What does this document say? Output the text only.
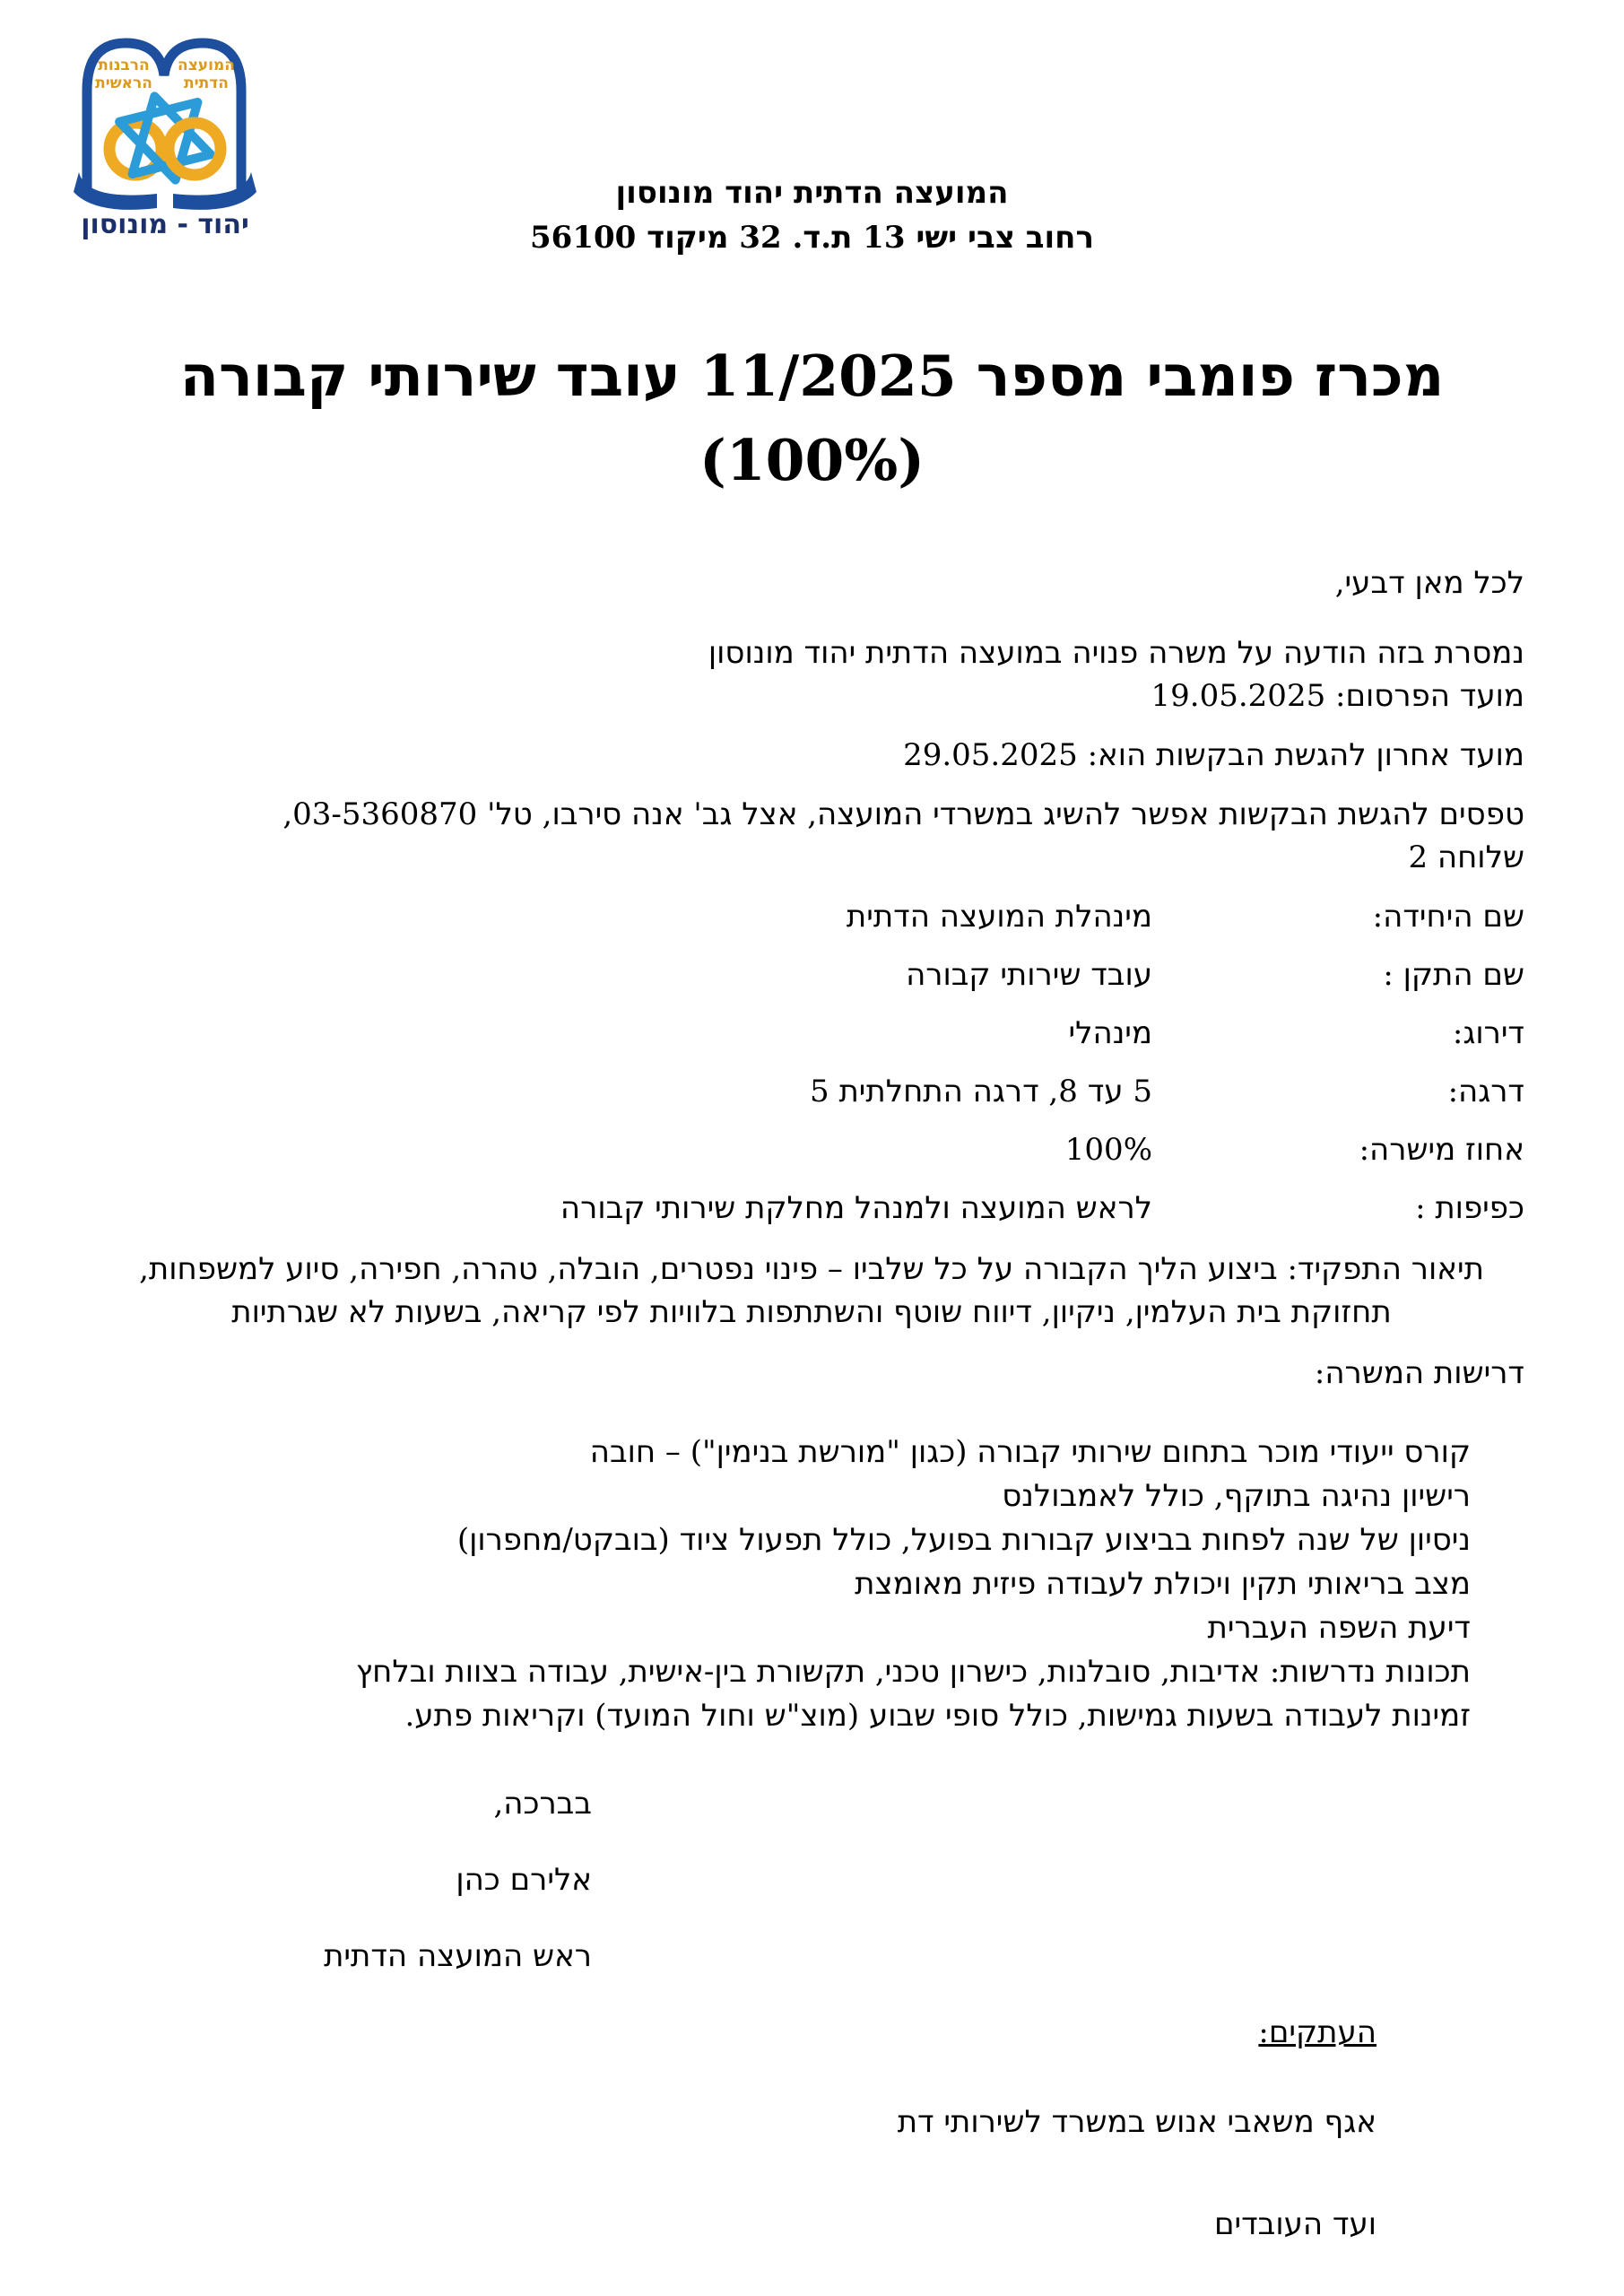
המועצה
הדתית
הרבנות
הראשית
יהוד - מונוסון
המועצה הדתית יהוד מונוסון
רחוב צבי ישי 13 ת.ד. 32 מיקוד 56100
מכרז פומבי מספר 11/2025 עובד שירותי קבורה
(100%)
לכל מאן דבעי,
נמסרת בזה הודעה על משרה פנויה במועצה הדתית יהוד מונוסון
מועד הפרסום: 19.05.2025
מועד אחרון להגשת הבקשות הוא: 29.05.2025
טפסים להגשת הבקשות אפשר להשיג במשרדי המועצה, אצל גב' אנה סירבו, טל' 03-5360870,
שלוחה 2
שם היחידה:
מינהלת המועצה הדתית
שם התקן :
עובד שירותי קבורה
דירוג:
מינהלי
דרגה:
5 עד 8, דרגה התחלתית 5
אחוז מישרה:
100%
כפיפות :
לראש המועצה ולמנהל מחלקת שירותי קבורה
תיאור התפקיד: ביצוע הליך הקבורה על כל שלביו – פינוי נפטרים, הובלה, טהרה, חפירה, סיוע למשפחות, תחזוקת בית העלמין, ניקיון, דיווח שוטף והשתתפות בלוויות לפי קריאה, בשעות לא שגרתיות
דרישות המשרה:
קורס ייעודי מוכר בתחום שירותי קבורה (כגון "מורשת בנימין") – חובה
רישיון נהיגה בתוקף, כולל לאמבולנס
ניסיון של שנה לפחות בביצוע קבורות בפועל, כולל תפעול ציוד (בובקט/מחפרון)
מצב בריאותי תקין ויכולת לעבודה פיזית מאומצת
דיעת השפה העברית
תכונות נדרשות: אדיבות, סובלנות, כישרון טכני, תקשורת בין-אישית, עבודה בצוות ובלחץ
זמינות לעבודה בשעות גמישות, כולל סופי שבוע (מוצ"ש וחול המועד) וקריאות פתע.
בברכה,
אלירם כהן
ראש המועצה הדתית
העתקים:
אגף משאבי אנוש במשרד לשירותי דת
ועד העובדים
